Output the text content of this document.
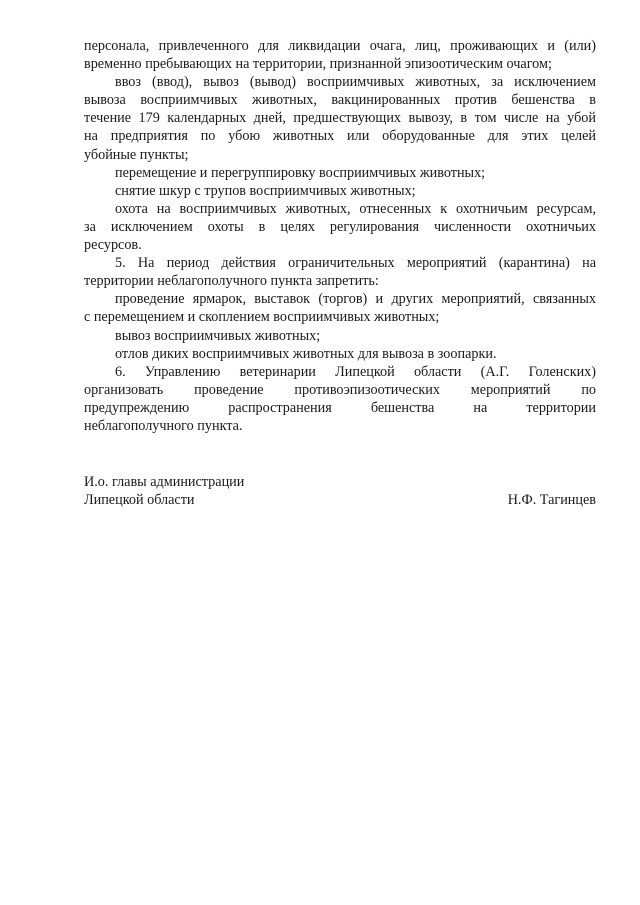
персонала, привлеченного для ликвидации очага, лиц, проживающих и (или)
временно пребывающих на территории, признанной эпизоотическим очагом;
ввоз (ввод), вывоз (вывод) восприимчивых животных, за исключением
вывоза восприимчивых животных, вакцинированных против бешенства в
течение 179 календарных дней, предшествующих вывозу, в том числе на убой
на предприятия по убою животных или оборудованные для этих целей
убойные пункты;
перемещение и перегруппировку восприимчивых животных;
снятие шкур с трупов восприимчивых животных;
охота на восприимчивых животных, отнесенных к охотничьим ресурсам,
за исключением охоты в целях регулирования численности охотничьих
ресурсов.
5. На период действия ограничительных мероприятий (карантина) на
территории неблагополучного пункта запретить:
проведение ярмарок, выставок (торгов) и других мероприятий, связанных
с перемещением и скоплением восприимчивых животных;
вывоз восприимчивых животных;
отлов диких восприимчивых животных для вывоза в зоопарки.
6. Управлению ветеринарии Липецкой области (А.Г. Голенских)
организовать проведение противоэпизоотических мероприятий по
предупреждению распространения бешенства на территории
неблагополучного пункта.
И.о. главы администрации
Липецкой области	Н.Ф. Тагинцев
